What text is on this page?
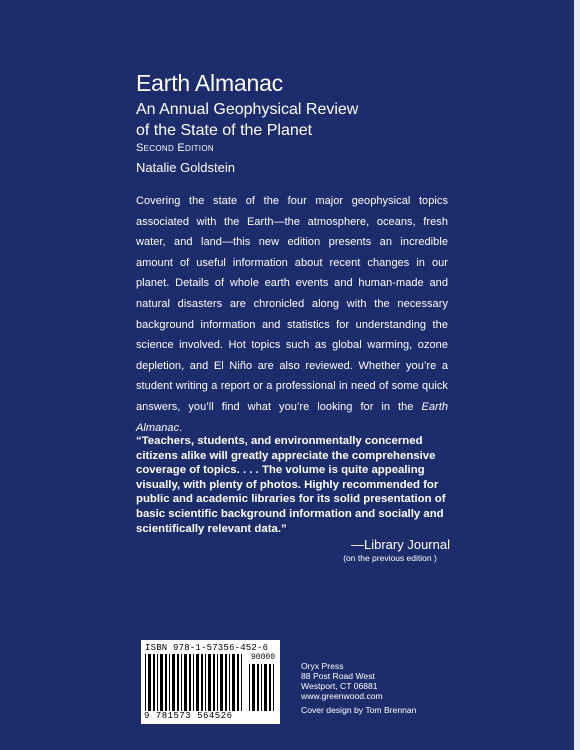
Earth Almanac
An Annual Geophysical Review
of the State of the Planet
Second Edition
Natalie Goldstein
Covering the state of the four major geophysical topics associated with the Earth—the atmosphere, oceans, fresh water, and land—this new edition presents an incredible amount of useful information about recent changes in our planet. Details of whole earth events and human-made and natural disasters are chronicled along with the necessary background information and statistics for understanding the science involved. Hot topics such as global warming, ozone depletion, and El Niño are also reviewed. Whether you’re a student writing a report or a professional in need of some quick answers, you’ll find what you’re looking for in the Earth Almanac.
“Teachers, students, and environmentally concerned citizens alike will greatly appreciate the comprehensive coverage of topics. . . . The volume is quite appealing visually, with plenty of photos. Highly recommended for public and academic libraries for its solid presentation of basic scientific background information and socially and scientifically relevant data.”
—Library Journal
(on the previous edition )
ISBN 978-1-57356-452-6
90000
9 781573 564526
Oryx Press
88 Post Road West
Westport, CT 06881
www.greenwood.com
Cover design by Tom Brennan
